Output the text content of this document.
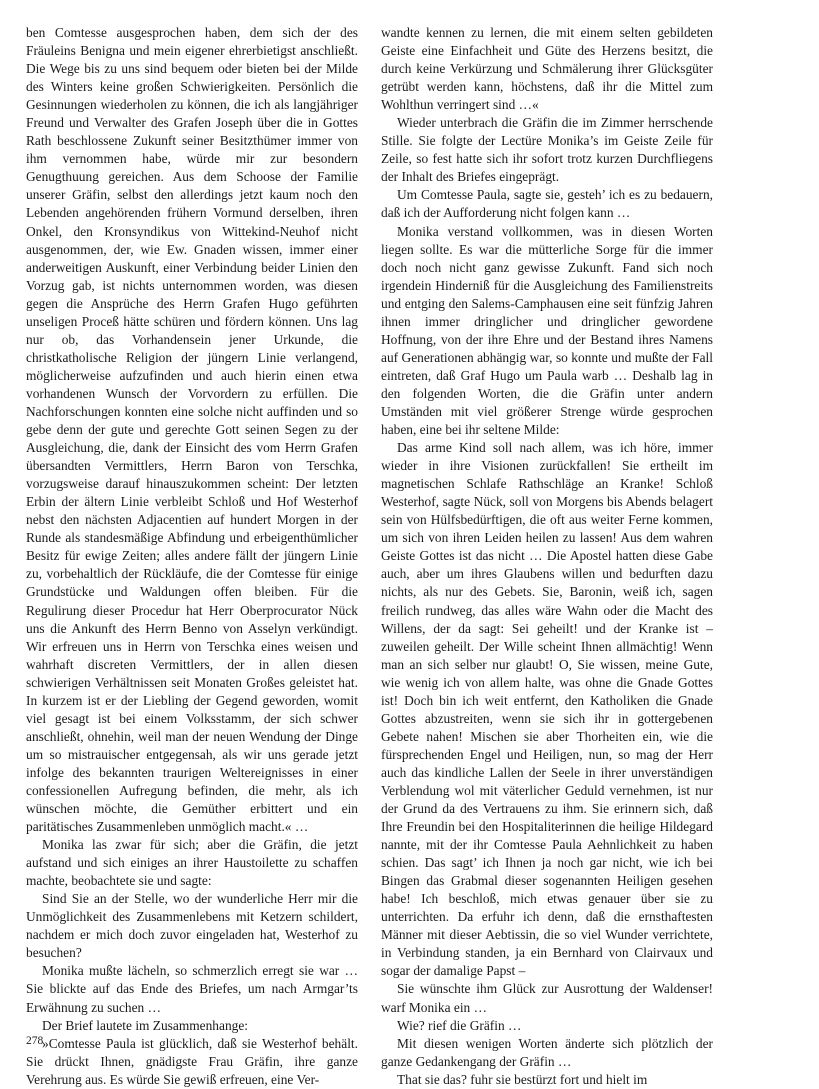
ben Comtesse ausgesprochen haben, dem sich der des Fräuleins Benigna und mein eigener ehrerbietigst anschließt. Die Wege bis zu uns sind bequem oder bieten bei der Milde des Winters keine großen Schwierigkeiten. Persönlich die Gesinnungen wiederholen zu können, die ich als langjähriger Freund und Verwalter des Grafen Joseph über die in Gottes Rath beschlossene Zukunft seiner Besitzthümer immer von ihm vernommen habe, würde mir zur besondern Genugthuung gereichen. Aus dem Schoose der Familie unserer Gräfin, selbst den allerdings jetzt kaum noch den Lebenden angehörenden frühern Vormund derselben, ihren Onkel, den Kronsyndikus von Wittekind-Neuhof nicht ausgenommen, der, wie Ew. Gnaden wissen, immer einer anderweitigen Auskunft, einer Verbindung beider Linien den Vorzug gab, ist nichts unternommen worden, was diesen gegen die Ansprüche des Herrn Grafen Hugo geführten unseligen Proceß hätte schüren und fördern können. Uns lag nur ob, das Vorhandensein jener Urkunde, die christkatholische Religion der jüngern Linie verlangend, möglicherweise aufzufinden und auch hierin einen etwa vorhandenen Wunsch der Vorvordern zu erfüllen. Die Nachforschungen konnten eine solche nicht auffinden und so gebe denn der gute und gerechte Gott seinen Segen zu der Ausgleichung, die, dank der Einsicht des vom Herrn Grafen übersandten Vermittlers, Herrn Baron von Terschka, vorzugsweise darauf hinauszukommen scheint: Der letzten Erbin der ältern Linie verbleibt Schloß und Hof Westerhof nebst den nächsten Adjacentien auf hundert Morgen in der Runde als standesmäßige Abfindung und erbeigenthümlicher Besitz für ewige Zeiten; alles andere fällt der jüngern Linie zu, vorbehaltlich der Rückläufe, die der Comtesse für einige Grundstücke und Waldungen offen bleiben. Für die Regulirung dieser Procedur hat Herr Oberprocurator Nück uns die Ankunft des Herrn Benno von Asselyn verkündigt. Wir erfreuen uns in Herrn von Terschka eines weisen und wahrhaft discreten Vermittlers, der in allen diesen schwierigen Verhältnissen seit Monaten Großes geleistet hat. In kurzem ist er der Liebling der Gegend geworden, womit viel gesagt ist bei einem Volksstamm, der sich schwer anschließt, ohnehin, weil man der neuen Wendung der Dinge um so mistrauischer entgegensah, als wir uns gerade jetzt infolge des bekannten traurigen Weltereignisses in einer confessionellen Aufregung befinden, die mehr, als ich wünschen möchte, die Gemüther erbittert und ein paritätisches Zusammenleben unmöglich macht.« …

Monika las zwar für sich; aber die Gräfin, die jetzt aufstand und sich einiges an ihrer Haustoilette zu schaffen machte, beobachtete sie und sagte:

Sind Sie an der Stelle, wo der wunderliche Herr mir die Unmöglichkeit des Zusammenlebens mit Ketzern schildert, nachdem er mich doch zuvor eingeladen hat, Westerhof zu besuchen?

Monika mußte lächeln, so schmerzlich erregt sie war … Sie blickte auf das Ende des Briefes, um nach Armgar’ts Erwähnung zu suchen …

Der Brief lautete im Zusammenhange:

»Comtesse Paula ist glücklich, daß sie Westerhof behält. Sie drückt Ihnen, gnädigste Frau Gräfin, ihre ganze Verehrung aus. Es würde Sie gewiß erfreuen, eine Ver-

wandte kennen zu lernen, die mit einem selten gebildeten Geiste eine Einfachheit und Güte des Herzens besitzt, die durch keine Verkürzung und Schmälerung ihrer Glücksgüter getrübt werden kann, höchstens, daß ihr die Mittel zum Wohlthun verringert sind …«

Wieder unterbrach die Gräfin die im Zimmer herrschende Stille. Sie folgte der Lectüre Monika’s im Geiste Zeile für Zeile, so fest hatte sich ihr sofort trotz kurzen Durchfliegens der Inhalt des Briefes eingeprägt.

Um Comtesse Paula, sagte sie, gesteh’ ich es zu bedauern, daß ich der Aufforderung nicht folgen kann …

Monika verstand vollkommen, was in diesen Worten liegen sollte. Es war die mütterliche Sorge für die immer doch noch nicht ganz gewisse Zukunft. Fand sich noch irgendein Hinderniß für die Ausgleichung des Familienstreits und entging den Salems-Camphausen eine seit fünfzig Jahren ihnen immer dringlicher und dringlicher gewordene Hoffnung, von der ihre Ehre und der Bestand ihres Namens auf Generationen abhängig war, so konnte und mußte der Fall eintreten, daß Graf Hugo um Paula warb … Deshalb lag in den folgenden Worten, die die Gräfin unter andern Umständen mit viel größerer Strenge würde gesprochen haben, eine bei ihr seltene Milde:

Das arme Kind soll nach allem, was ich höre, immer wieder in ihre Visionen zurückfallen! Sie ertheilt im magnetischen Schlafe Rathschläge an Kranke! Schloß Westerhof, sagte Nück, soll von Morgens bis Abends belagert sein von Hülfsbedürftigen, die oft aus weiter Ferne kommen, um sich von ihren Leiden heilen zu lassen! Aus dem wahren Geiste Gottes ist das nicht … Die Apostel hatten diese Gabe auch, aber um ihres Glaubens willen und bedurften dazu nichts, als nur des Gebets. Sie, Baronin, weiß ich, sagen freilich rundweg, das alles wäre Wahn oder die Macht des Willens, der da sagt: Sei geheilt! und der Kranke ist – zuweilen geheilt. Der Wille scheint Ihnen allmächtig! Wenn man an sich selber nur glaubt! O, Sie wissen, meine Gute, wie wenig ich von allem halte, was ohne die Gnade Gottes ist! Doch bin ich weit entfernt, den Katholiken die Gnade Gottes abzustreiten, wenn sie sich ihr in gottergebenen Gebete nahen! Mischen sie aber Thorheiten ein, wie die fürsprechenden Engel und Heiligen, nun, so mag der Herr auch das kindliche Lallen der Seele in ihrer unverständigen Verblendung wol mit väterlicher Geduld vernehmen, ist nur der Grund da des Vertrauens zu ihm. Sie erinnern sich, daß Ihre Freundin bei den Hospitaliterinnen die heilige Hildegard nannte, mit der ihr Comtesse Paula Aehnlichkeit zu haben schien. Das sagt’ ich Ihnen ja noch gar nicht, wie ich bei Bingen das Grabmal dieser sogenannten Heiligen gesehen habe! Ich beschloß, mich etwas genauer über sie zu unterrichten. Da erfuhr ich denn, daß die ernsthaftesten Männer mit dieser Aebtissin, die so viel Wunder verrichtete, in Verbindung standen, ja ein Bernhard von Clairvaux und sogar der damalige Papst –

Sie wünschte ihm Glück zur Ausrottung der Waldenser! warf Monika ein …

Wie? rief die Gräfin …

Mit diesen wenigen Worten änderte sich plötzlich der ganze Gedankengang der Gräfin …

That sie das? fuhr sie bestürzt fort und hielt im

278
